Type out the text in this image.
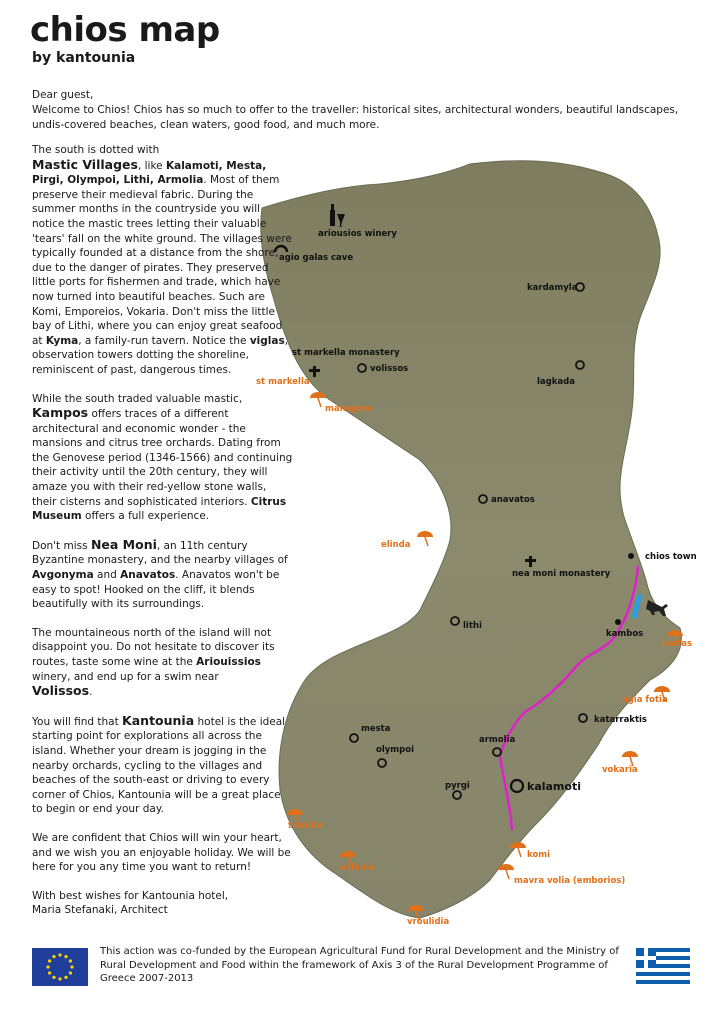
ariousios winery
agio galas cave
kardamyla
st markella monastery
volissos
lagkada
anavatos
chios town
nea moni monastery
lithi
kambos
mesta
olympoi
armolia
katarraktis
pyrgi	kalamoti
st markella
managros
elinda
karfas
agia fotia
vokaria
trahilia
komi
avlonia
mavra volia (emborios)
vroulidia
chios map
by kantounia

Dear guest,

Welcome to Chios! Chios has so much to offer to the traveller: historical sites, architectural wonders, beautiful landscapes, undis-covered beaches, clean waters, good food, and much more.

The south is dotted with
Mastic Villages, like Kalamoti, Mesta, Pirgi, Olympoi, Lithi, Armolia. Most of them preserve their medieval fabric. During the summer months in the countryside you will notice the mastic trees letting their valuable 'tears' fall on the white ground. The villages were typically founded at a distance from the shore, due to the danger of pirates. They preserved little ports for fishermen and trade, which have now turned into beautiful beaches. Such are Komi, Emporeios, Vokaria. Don't miss the little bay of Lithi, where you can enjoy great seafood at Kyma, a family-run tavern. Notice the viglas, observation towers dotting the shoreline, reminiscent of past, dangerous times.

While the south traded valuable mastic, Kampos offers traces of a different architectural and economic wonder - the mansions and citrus tree orchards. Dating from the Genovese period (1346-1566) and continuing their activity until the 20th century, they will amaze you with their red-yellow stone walls, their cisterns and sophisticated interiors. Citrus Museum offers a full experience.

Don't miss Nea Moni, an 11th century Byzantine monastery, and the nearby villages of Avgonyma and Anavatos. Anavatos won't be easy to spot! Hooked on the cliff, it blends beautifully with its surroundings.

The mountaineous north of the island will not disappoint you. Do not hesitate to discover its routes, taste some wine at the Ariouissios winery, and end up for a swim near
Volissos.

You will find that Kantounia hotel is the ideal starting point for explorations all across the island. Whether your dream is jogging in the nearby orchards, cycling to the villages and beaches of the south-east or driving to every corner of Chios, Kantounia will be a great place to begin or end your day.

We are confident that Chios will win your heart, and we wish you an enjoyable holiday. We will be here for you any time you want to return!

With best wishes for Kantounia hotel,
Maria Stefanaki, Architect

This action was co-funded by the European Agricultural Fund for Rural Development and the Ministry of Rural Development and Food within the framework of Axis 3 of the Rural Development Programme of Greece 2007-2013
